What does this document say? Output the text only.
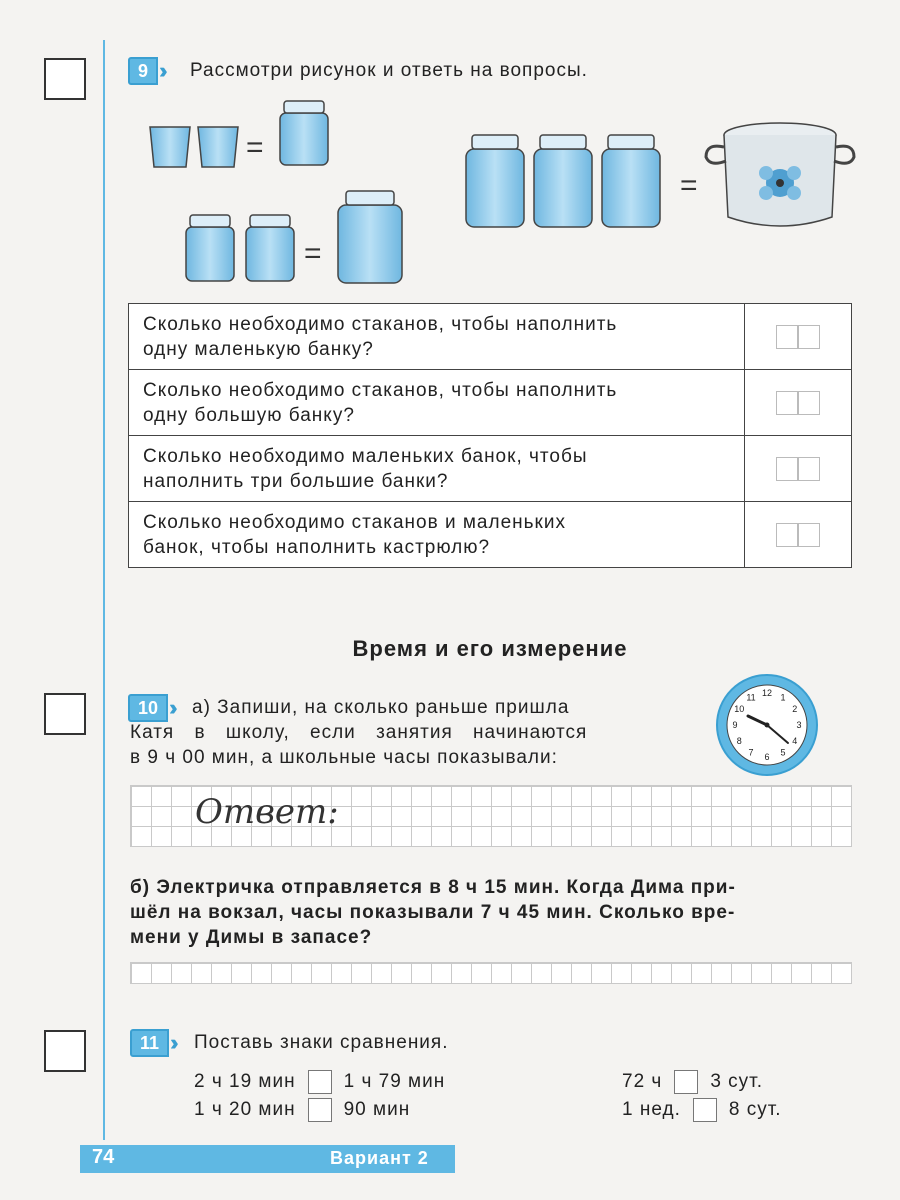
9 ›› Рассмотри рисунок и ответь на вопросы.
=
=
=
Сколько необходимо стаканов, чтобы наполнить
одну маленькую банку?	

Сколько необходимо стаканов, чтобы наполнить
одну большую банку?	

Сколько необходимо маленьких банок, чтобы
наполнить три большие банки?	

Сколько необходимо стаканов и маленьких
банок, чтобы наполнить кастрюлю?	
Время и его измерение
10 ›› а) Запиши, на сколько раньше пришла
Катя в школу, если занятия начинаются
в 9 ч 00 мин, а школьные часы показывали:
12 1
2
3
4
5
6
7
8
9
10
11
Ответ:
б) Электричка отправляется в 8 ч 15 мин. Когда Дима при-
шёл на вокзал, часы показывали 7 ч 45 мин. Сколько вре-
мени у Димы в запасе?
11 ›› Поставь знаки сравнения.
2 ч 19 мин	1 ч 79 мин	72 ч	3 сут.
1 ч 20 мин	90 мин	1 нед.	8 сут.
74	Вариант 2
